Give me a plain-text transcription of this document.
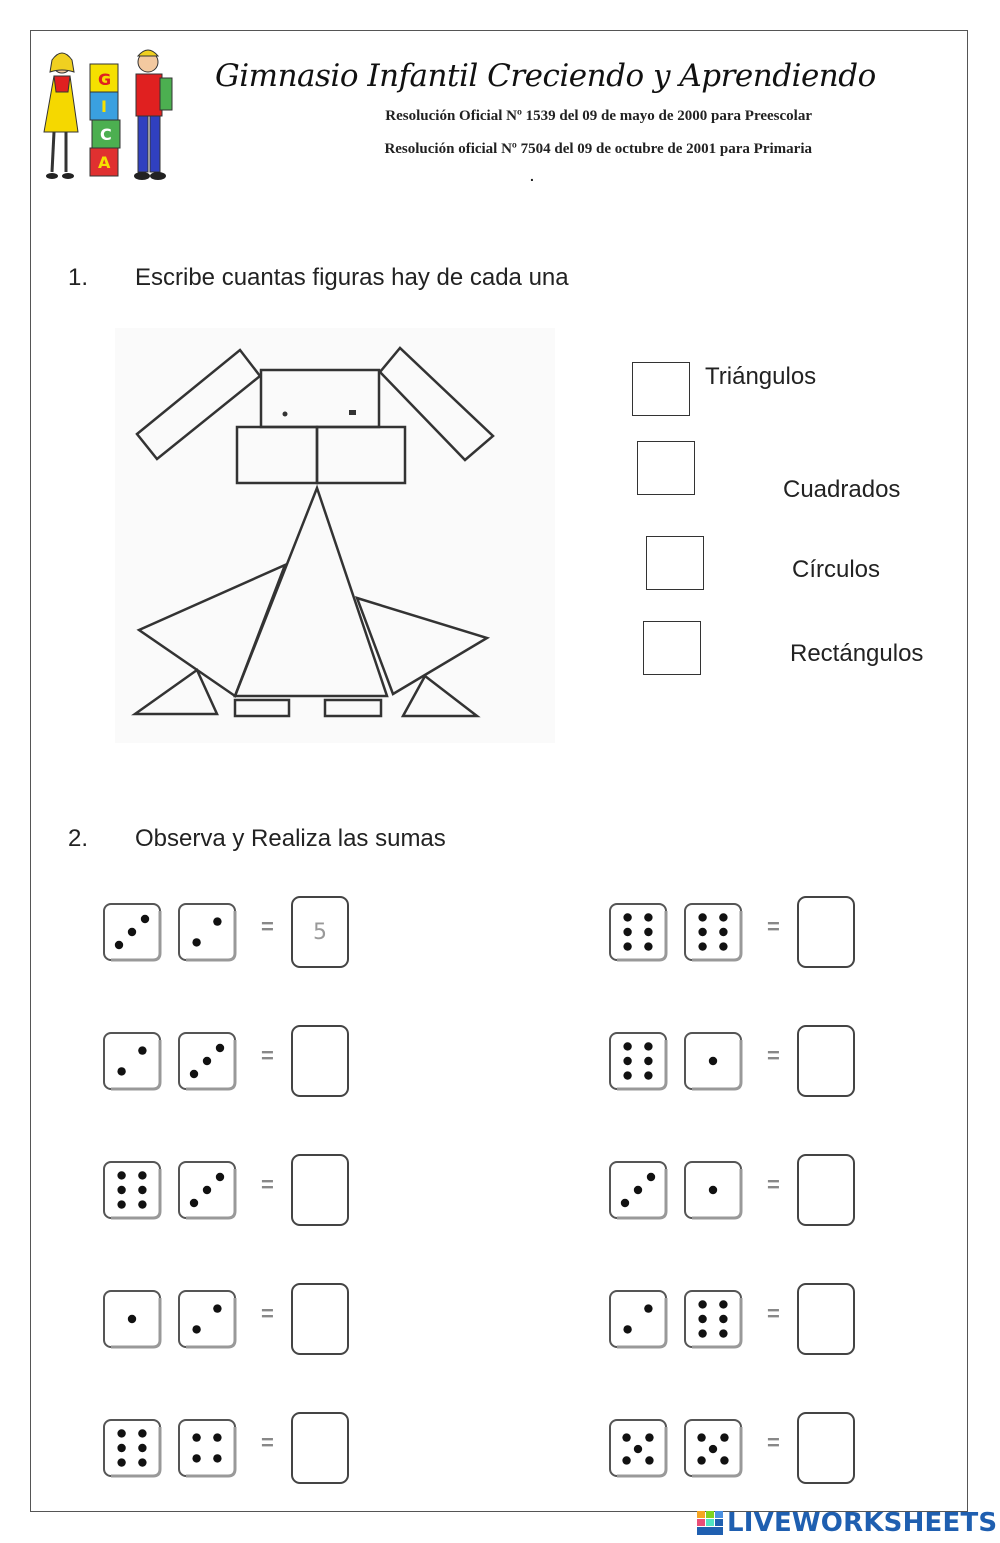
G
I
C
A
Gimnasio Infantil Creciendo y Aprendiendo
Resolución Oficial Nº 1539 del 09 de mayo de 2000 para Preescolar
Resolución oficial Nº 7504 del 09 de octubre de 2001 para Primaria
.
1. Escribe cuantas figuras hay de cada una
Triángulos
Cuadrados
Círculos
Rectángulos
2. Observa y Realiza las sumas
=	5	=
=	=
=	=
=	=
=	=
LIVEWORKSHEETS
